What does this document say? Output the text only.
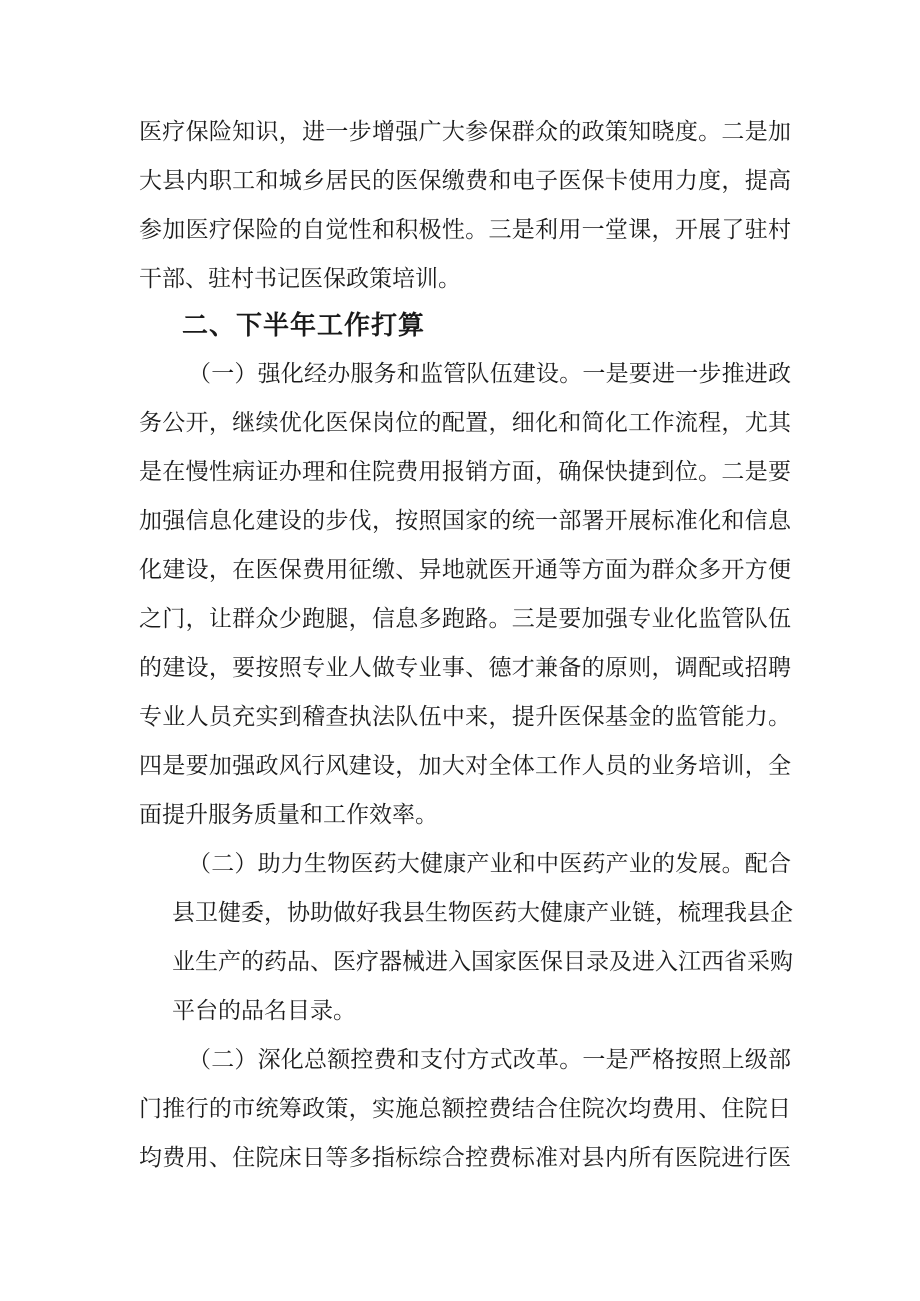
医疗保险知识，进一步增强广大参保群众的政策知晓度。二是加
大县内职工和城乡居民的医保缴费和电子医保卡使用力度，提高
参加医疗保险的自觉性和积极性。三是利用一堂课，开展了驻村
干部、驻村书记医保政策培训。
二、下半年工作打算
（一）强化经办服务和监管队伍建设。一是要进一步推进政
务公开，继续优化医保岗位的配置，细化和简化工作流程，尤其
是在慢性病证办理和住院费用报销方面，确保快捷到位。二是要
加强信息化建设的步伐，按照国家的统一部署开展标准化和信息
化建设，在医保费用征缴、异地就医开通等方面为群众多开方便
之门，让群众少跑腿，信息多跑路。三是要加强专业化监管队伍
的建设，要按照专业人做专业事、德才兼备的原则，调配或招聘
专业人员充实到稽查执法队伍中来，提升医保基金的监管能力。
四是要加强政风行风建设，加大对全体工作人员的业务培训，全
面提升服务质量和工作效率。
（二）助力生物医药大健康产业和中医药产业的发展。配合
县卫健委，协助做好我县生物医药大健康产业链，梳理我县企
业生产的药品、医疗器械进入国家医保目录及进入江西省采购
平台的品名目录。
（二）深化总额控费和支付方式改革。一是严格按照上级部
门推行的市统筹政策，实施总额控费结合住院次均费用、住院日
均费用、住院床日等多指标综合控费标准对县内所有医院进行医
